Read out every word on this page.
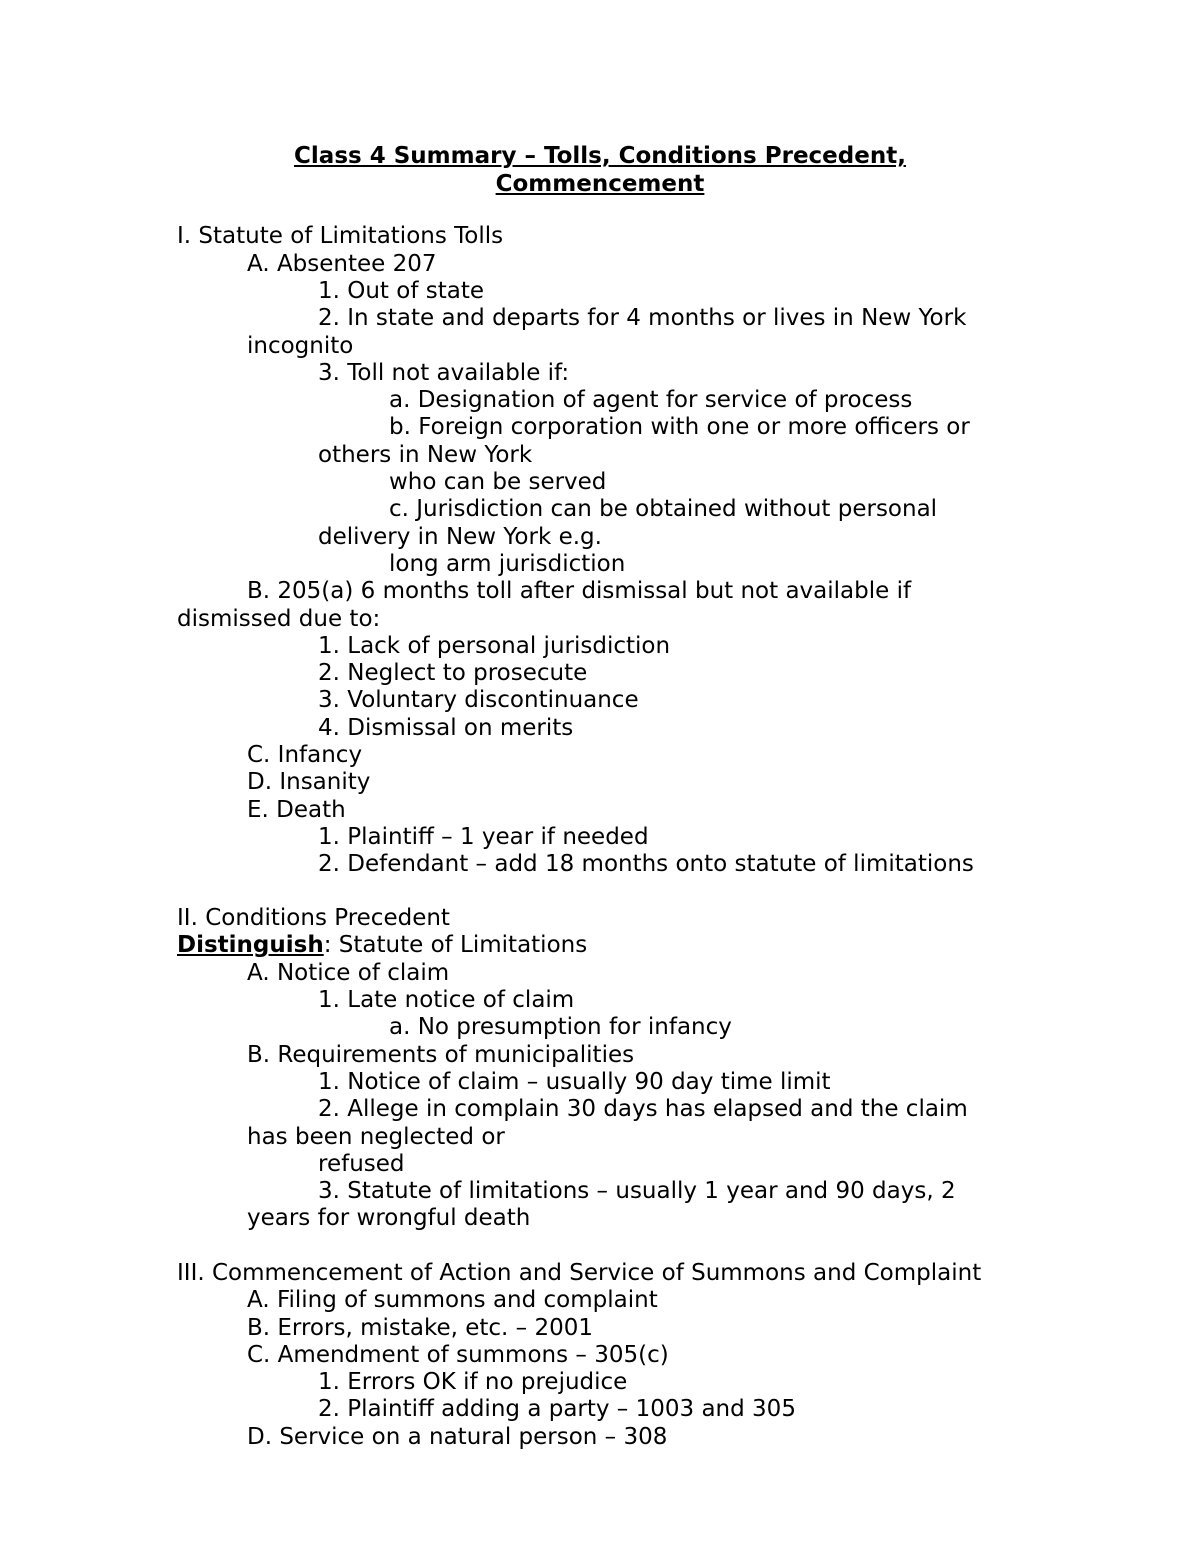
Class 4 Summary – Tolls, Conditions Precedent,
Commencement
I. Statute of Limitations Tolls
A. Absentee 207
1. Out of state
2. In state and departs for 4 months or lives in New York
incognito
3. Toll not available if:
a. Designation of agent for service of process
b. Foreign corporation with one or more officers or
others in New York
who can be served
c. Jurisdiction can be obtained without personal
delivery in New York e.g.
long arm jurisdiction
B. 205(a) 6 months toll after dismissal but not available if
dismissed due to:
1. Lack of personal jurisdiction
2. Neglect to prosecute
3. Voluntary discontinuance
4. Dismissal on merits
C. Infancy
D. Insanity
E. Death
1. Plaintiff – 1 year if needed
2. Defendant – add 18 months onto statute of limitations
II. Conditions Precedent
Distinguish: Statute of Limitations
A. Notice of claim
1. Late notice of claim
a. No presumption for infancy
B. Requirements of municipalities
1. Notice of claim – usually 90 day time limit
2. Allege in complain 30 days has elapsed and the claim
has been neglected or
refused
3. Statute of limitations – usually 1 year and 90 days, 2
years for wrongful death
III. Commencement of Action and Service of Summons and Complaint
A. Filing of summons and complaint
B. Errors, mistake, etc. – 2001
C. Amendment of summons – 305(c)
1. Errors OK if no prejudice
2. Plaintiff adding a party – 1003 and 305
D. Service on a natural person – 308
